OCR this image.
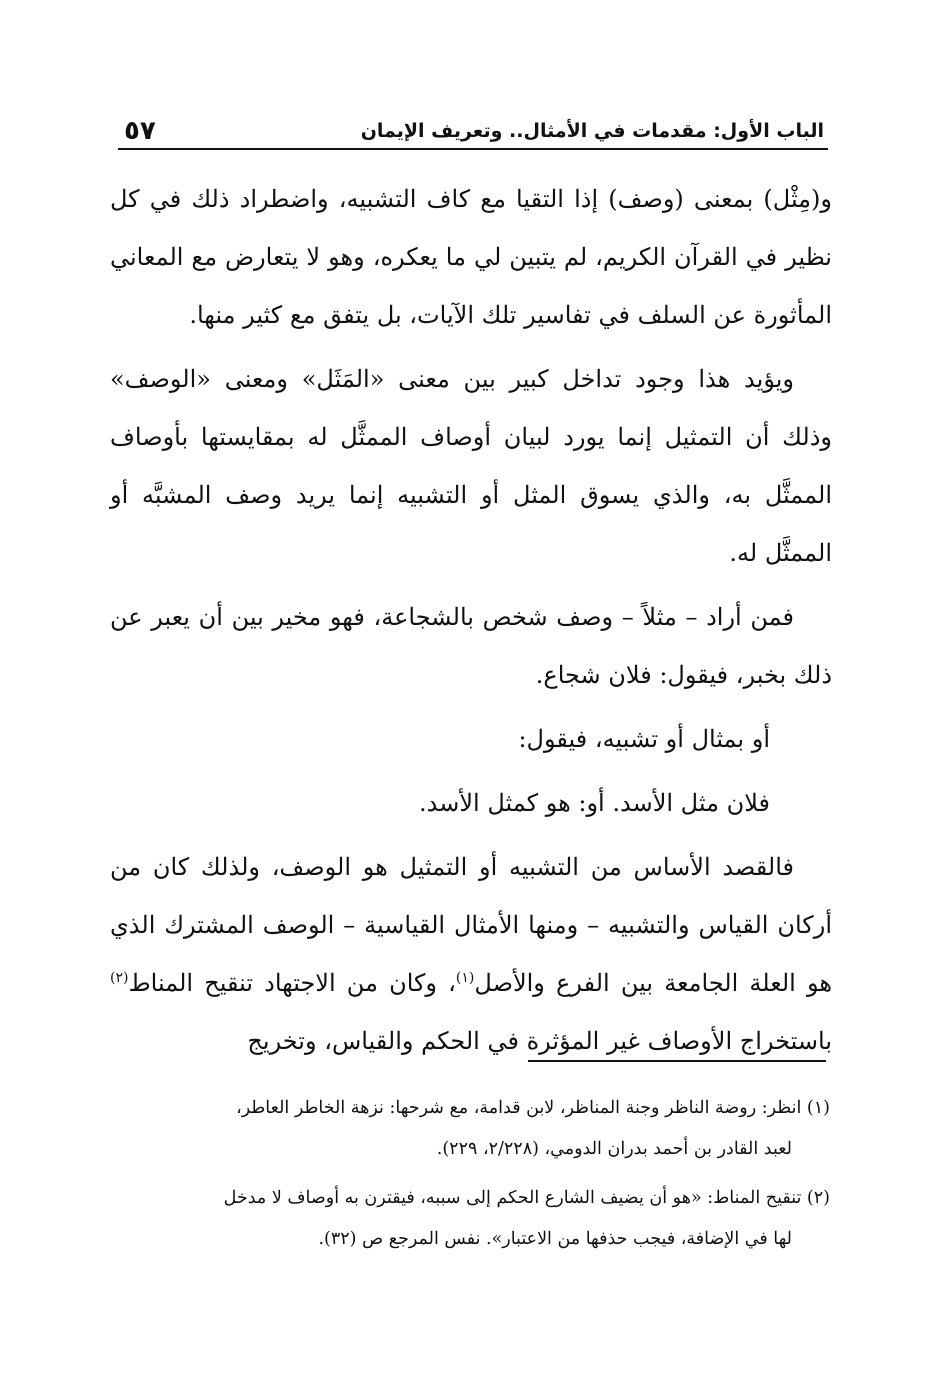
الباب الأول: مقدمات في الأمثال.. وتعريف الإيمان
٥٧

و(مِثْل) بمعنى (وصف) إذا التقيا مع كاف التشبيه، واضطراد ذلك في كل نظير في القرآن الكريم، لم يتبين لي ما يعكره، وهو لا يتعارض مع المعاني المأثورة عن السلف في تفاسير تلك الآيات، بل يتفق مع كثير منها.

ويؤيد هذا وجود تداخل كبير بين معنى «المَثَل» ومعنى «الوصف» وذلك أن التمثيل إنما يورد لبيان أوصاف الممثَّل له بمقايستها بأوصاف الممثَّل به، والذي يسوق المثل أو التشبيه إنما يريد وصف المشبَّه أو الممثَّل له.

فمن أراد – مثلاً – وصف شخص بالشجاعة، فهو مخير بين أن يعبر عن ذلك بخبر، فيقول: فلان شجاع.

أو بمثال أو تشبيه، فيقول:

فلان مثل الأسد. أو: هو كمثل الأسد.

فالقصد الأساس من التشبيه أو التمثيل هو الوصف، ولذلك كان من أركان القياس والتشبيه – ومنها الأمثال القياسية – الوصف المشترك الذي هو العلة الجامعة بين الفرع والأصل$^{(١)}$، وكان من الاجتهاد تنقيح المناط$^{(٢)}$ باستخراج الأوصاف غير المؤثرة في الحكم والقياس، وتخريج

(١) انظر: روضة الناظر وجنة المناظر، لابن قدامة، مع شرحها: نزهة الخاطر العاطر،
لعبد القادر بن أحمد بدران الدومي، (٢/٢٢٨، ٢٢٩).

(٢) تنقيح المناط: «هو أن يضيف الشارع الحكم إلى سببه، فيقترن به أوصاف لا مدخل
لها في الإضافة، فيجب حذفها من الاعتبار». نفس المرجع ص (٣٢).
